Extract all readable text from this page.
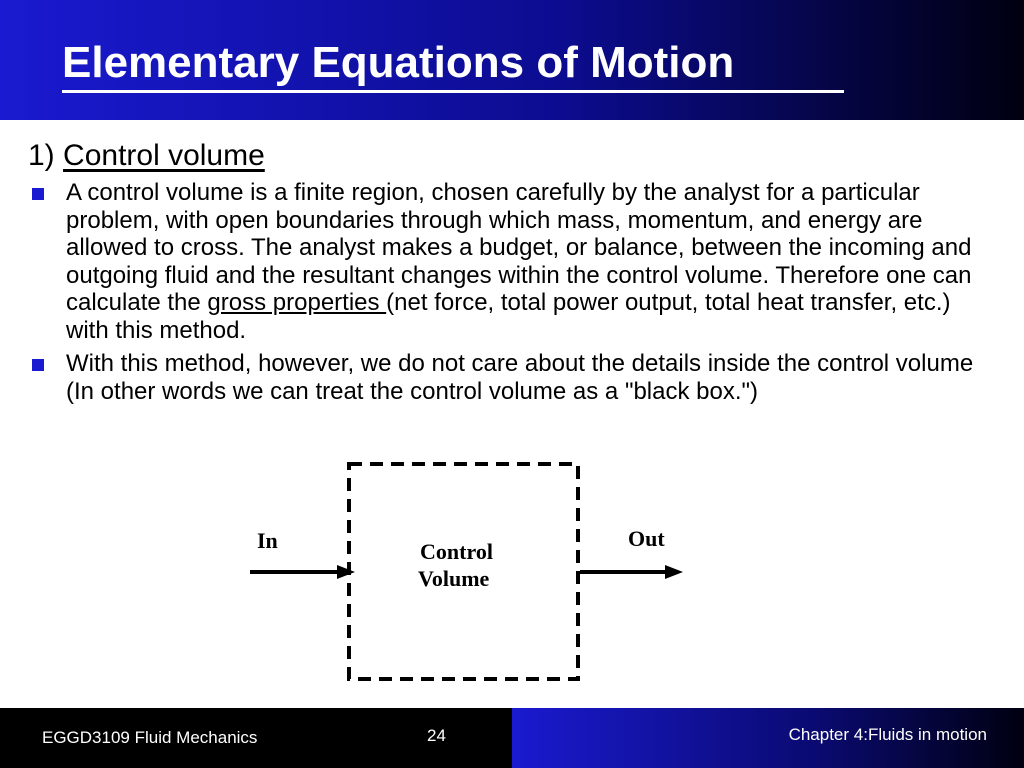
Elementary Equations of Motion
1) Control volume
A control volume is a finite region, chosen carefully by the analyst for a particular problem, with open boundaries through which mass, momentum, and energy are allowed to cross. The analyst makes a budget, or balance, between the incoming and outgoing fluid and the resultant changes within the control volume. Therefore one can calculate the gross properties (net force, total power output, total heat transfer, etc.) with this method.
With this method, however, we do not care about the details inside the control volume (In other words we can treat the control volume as a "black box.")
In	Out
Control
Volume
EGGD3109 Fluid Mechanics	24	Chapter 4:Fluids in motion
